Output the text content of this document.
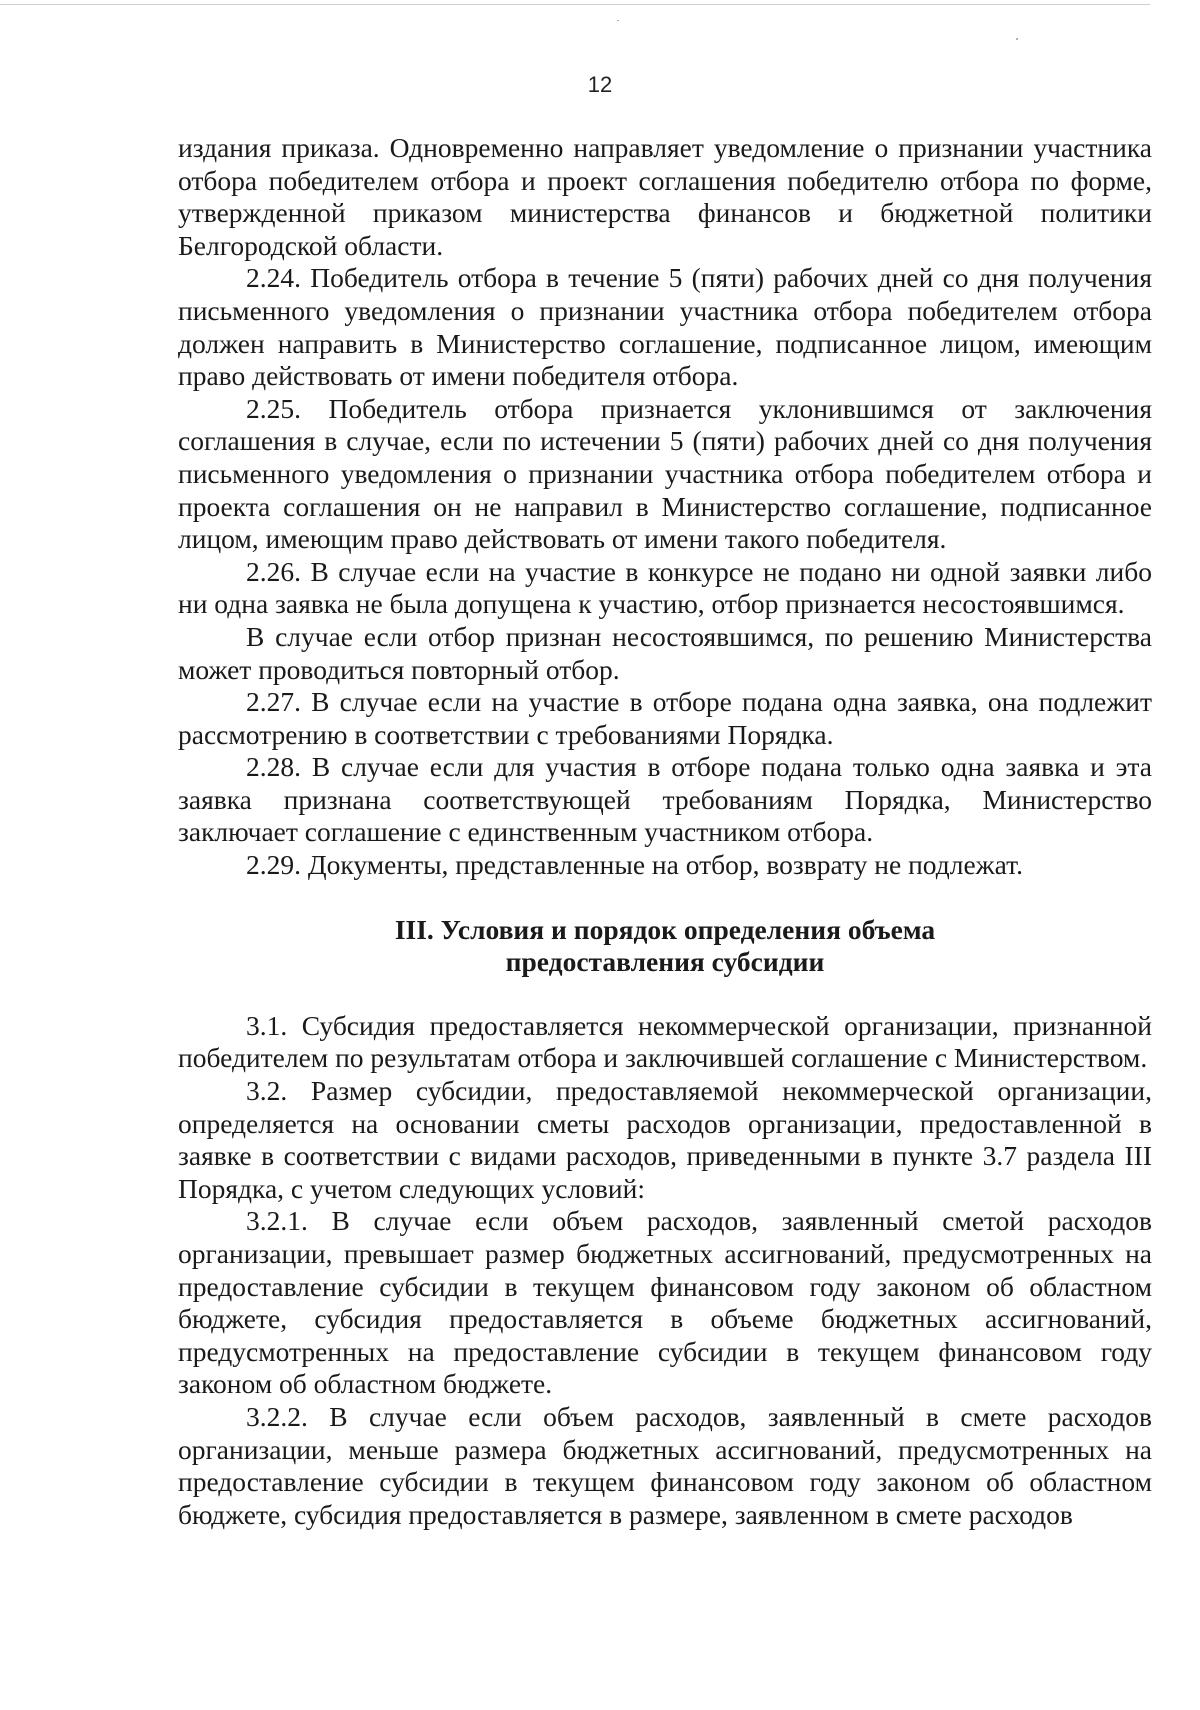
12

издания приказа. Одновременно направляет уведомление о признании участника отбора победителем отбора и проект соглашения победителю отбора по форме, утвержденной приказом министерства финансов и бюджетной политики Белгородской области.

2.24. Победитель отбора в течение 5 (пяти) рабочих дней со дня получения письменного уведомления о признании участника отбора победителем отбора должен направить в Министерство соглашение, подписанное лицом, имеющим право действовать от имени победителя отбора.

2.25. Победитель отбора признается уклонившимся от заключения соглашения в случае, если по истечении 5 (пяти) рабочих дней со дня получения письменного уведомления о признании участника отбора победителем отбора и проекта соглашения он не направил в Министерство соглашение, подписанное лицом, имеющим право действовать от имени такого победителя.

2.26. В случае если на участие в конкурсе не подано ни одной заявки либо ни одна заявка не была допущена к участию, отбор признается несостоявшимся.

В случае если отбор признан несостоявшимся, по решению Министерства может проводиться повторный отбор.

2.27. В случае если на участие в отборе подана одна заявка, она подлежит рассмотрению в соответствии с требованиями Порядка.

2.28. В случае если для участия в отборе подана только одна заявка и эта заявка признана соответствующей требованиям Порядка, Министерство заключает соглашение с единственным участником отбора.

2.29. Документы, представленные на отбор, возврату не подлежат.

III. Условия и порядок определения объема
предоставления субсидии

3.1. Субсидия предоставляется некоммерческой организации, признанной победителем по результатам отбора и заключившей соглашение с Министерством.

3.2. Размер субсидии, предоставляемой некоммерческой организации, определяется на основании сметы расходов организации, предоставленной в заявке в соответствии с видами расходов, приведенными в пункте 3.7 раздела III Порядка, с учетом следующих условий:

3.2.1. В случае если объем расходов, заявленный сметой расходов организации, превышает размер бюджетных ассигнований, предусмотренных на предоставление субсидии в текущем финансовом году законом об областном бюджете, субсидия предоставляется в объеме бюджетных ассигнований, предусмотренных на предоставление субсидии в текущем финансовом году законом об областном бюджете.

3.2.2. В случае если объем расходов, заявленный в смете расходов организации, меньше размера бюджетных ассигнований, предусмотренных на предоставление субсидии в текущем финансовом году законом об областном бюджете, субсидия предоставляется в размере, заявленном в смете расходов
